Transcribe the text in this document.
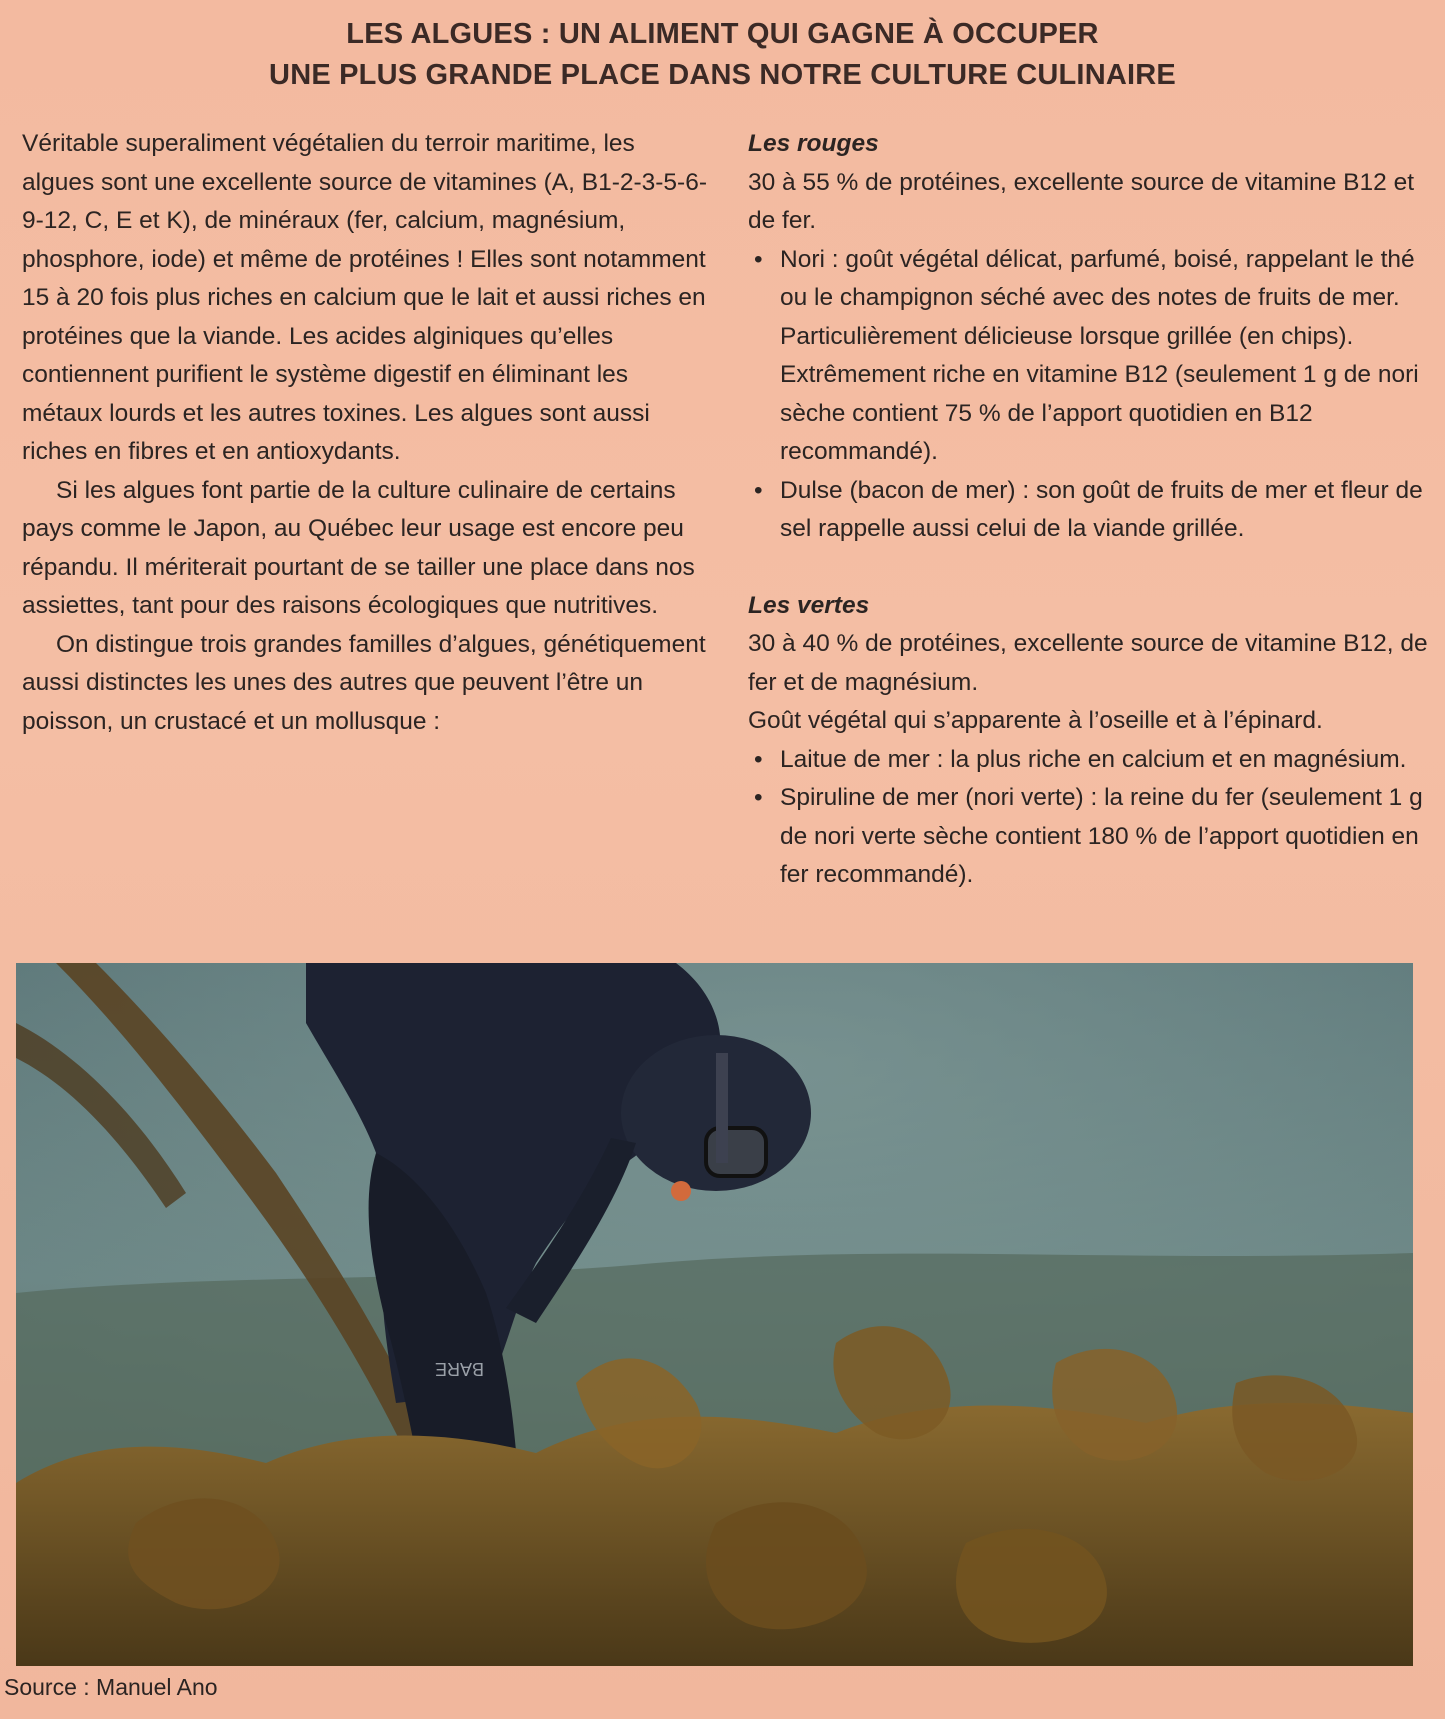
LES ALGUES : UN ALIMENT QUI GAGNE À OCCUPER
UNE PLUS GRANDE PLACE DANS NOTRE CULTURE CULINAIRE

Véritable superaliment végétalien du terroir maritime, les algues sont une excellente source de vitamines (A, B1-2-3-5-6-9-12, C, E et K), de minéraux (fer, calcium, magnésium, phosphore, iode) et même de protéines ! Elles sont notamment 15 à 20 fois plus riches en calcium que le lait et aussi riches en protéines que la viande. Les acides alginiques qu’elles contiennent purifient le système digestif en éliminant les métaux lourds et les autres toxines. Les algues sont aussi riches en fibres et en antioxydants.

Si les algues font partie de la culture culinaire de certains pays comme le Japon, au Québec leur usage est encore peu répandu. Il mériterait pourtant de se tailler une place dans nos assiettes, tant pour des raisons écologiques que nutritives.

On distingue trois grandes familles d’algues, génétiquement aussi distinctes les unes des autres que peuvent l’être un poisson, un crustacé et un mollusque :

Les rouges

30 à 55 % de protéines, excellente source de vitamine B12 et de fer.

• Nori : goût végétal délicat, parfumé, boisé, rappelant le thé ou le champignon séché avec des notes de fruits de mer. Particulièrement délicieuse lorsque grillée (en chips). Extrêmement riche en vitamine B12 (seulement 1 g de nori sèche contient 75 % de l’apport quotidien en B12 recommandé).
• Dulse (bacon de mer) : son goût de fruits de mer et fleur de sel rappelle aussi celui de la viande grillée.

Les vertes

30 à 40 % de protéines, excellente source de vitamine B12, de fer et de magnésium.

Goût végétal qui s’apparente à l’oseille et à l’épinard.

• Laitue de mer : la plus riche en calcium et en magnésium.
• Spiruline de mer (nori verte) : la reine du fer (seulement 1 g de nori verte sèche contient 180 % de l’apport quotidien en fer recommandé).
BARE
Source : Manuel Ano
